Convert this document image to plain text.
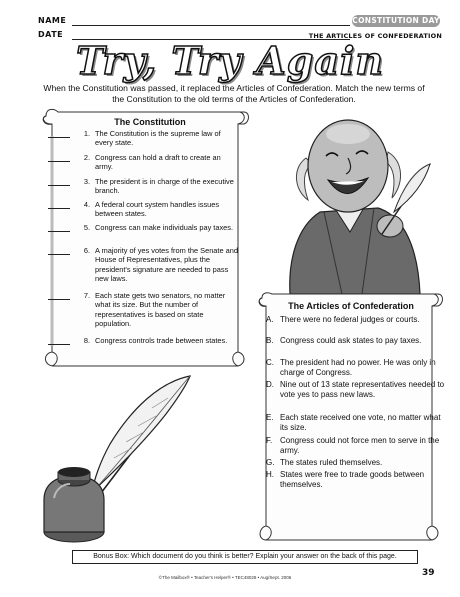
NAME
DATE
CONSTITUTION DAY
THE ARTICLES OF CONFEDERATION
Try, Try Again
When the Constitution was passed, it replaced the Articles of Confederation. Match the new terms of the Constitution to the old terms of the Articles of Confederation.
The Constitution
1. The Constitution is the supreme law of every state.
2. Congress can hold a draft to create an army.
3. The president is in charge of the executive branch.
4. A federal court system handles issues between states.
5. Congress can make individuals pay taxes.
6. A majority of yes votes from the Senate and House of Representatives, plus the president's signature are needed to pass new laws.
7. Each state gets two senators, no matter what its size. But the number of representatives is based on state population.
8. Congress controls trade between states.
The Articles of Confederation
A. There were no federal judges or courts.
B. Congress could ask states to pay taxes.
C. The president had no power. He was only in charge of Congress.
D. Nine out of 13 state representatives needed to vote yes to pass new laws.
E. Each state received one vote, no matter what its size.
F. Congress could not force men to serve in the army.
G. The states ruled themselves.
H. States were free to trade goods between themselves.
Bonus Box: Which document do you think is better? Explain your answer on the back of this page.
©The Mailbox® • Teacher's Helper® • TEC48028 • Aug/Sept. 2006	39
